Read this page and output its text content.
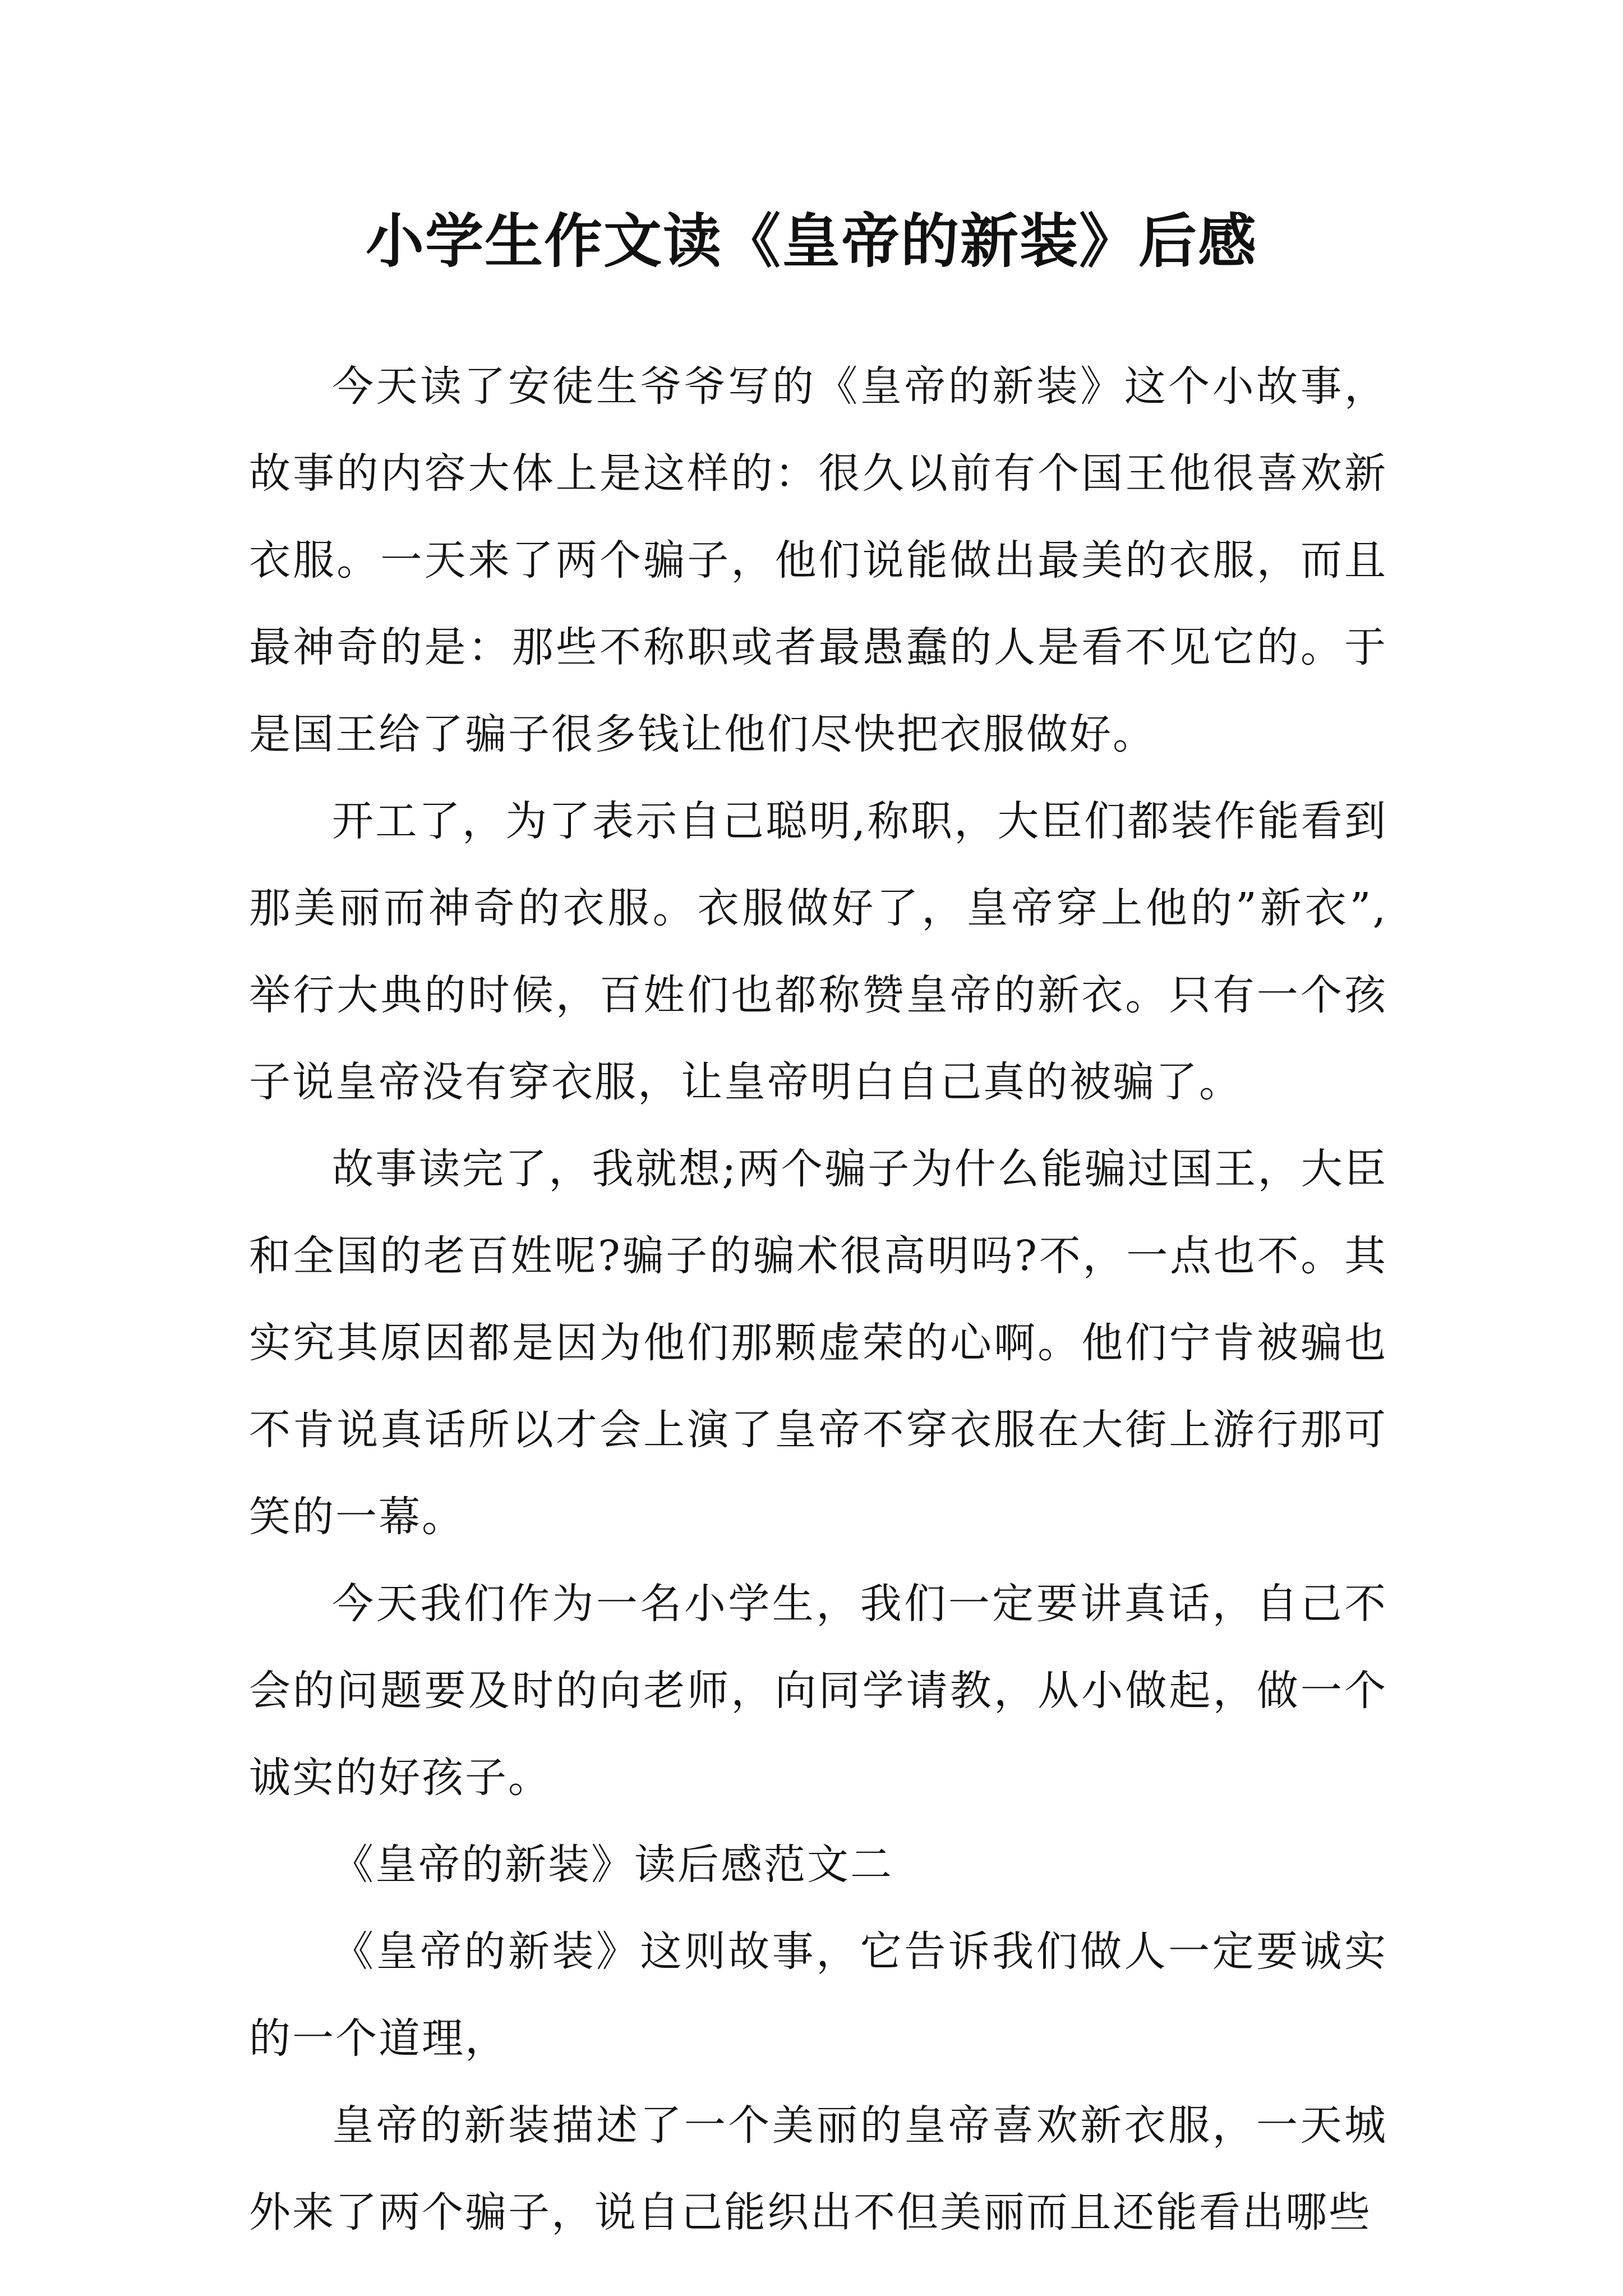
小学生作文读《皇帝的新装》后感

今天读了安徒生爷爷写的《皇帝的新装》这个小故事，故事的内容大体上是这样的：很久以前有个国王他很喜欢新衣服。一天来了两个骗子，他们说能做出最美的衣服，而且最神奇的是：那些不称职或者最愚蠢的人是看不见它的。于是国王给了骗子很多钱让他们尽快把衣服做好。

开工了，为了表示自己聪明,称职，大臣们都装作能看到那美丽而神奇的衣服。衣服做好了，皇帝穿上他的”新衣”,举行大典的时候，百姓们也都称赞皇帝的新衣。只有一个孩子说皇帝没有穿衣服，让皇帝明白自己真的被骗了。

故事读完了，我就想;两个骗子为什么能骗过国王，大臣和全国的老百姓呢?骗子的骗术很高明吗?不，一点也不。其实究其原因都是因为他们那颗虚荣的心啊。他们宁肯被骗也不肯说真话所以才会上演了皇帝不穿衣服在大街上游行那可笑的一幕。

今天我们作为一名小学生，我们一定要讲真话，自己不会的问题要及时的向老师，向同学请教，从小做起，做一个诚实的好孩子。

《皇帝的新装》读后感范文二

《皇帝的新装》这则故事，它告诉我们做人一定要诚实的一个道理，

皇帝的新装描述了一个美丽的皇帝喜欢新衣服，一天城外来了两个骗子，说自己能织出不但美丽而且还能看出哪些
